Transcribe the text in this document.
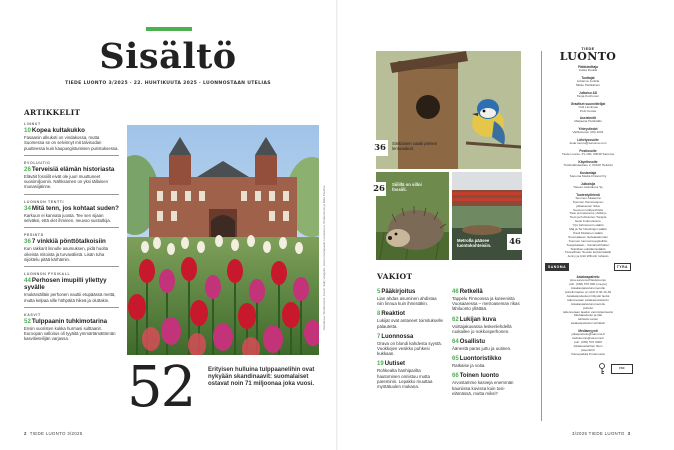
Sisältö
TIEDE LUONTO 3/2025 · 22. HUHTIKUUTA 2025 · LUONNOSTAAN UTELIAS
ARTIKKELIT
LINNUT
10Kopea kultakukko
Fasaanin alkukoti on vindakossa, mutta Suomessa se on selvinnyt mit talvisodan puutteessa kuin kaupungistumisen puristuksessa.
EVOLUUTIO
26Terveisiä elämän historiasta
Eläväit fossiilit eivät ole juuri muuttuneet vuosimiljoonin. Nähksamen on yksi tällainen munasiijäinne.
LUONNON TENTTI
34Mitä tenn, jos kohtaat suden?
Karkuun ei kannata juosta. Tee sen sijaan selväksi, että olet ihminen, neuvoo susitutkija.
PESINTÄ
367 vinkkiä pönttötalkoisiin
Kun rakkarit linnulle asumuksen, pidä huolta oikeista mitoista ja turvavälistä. Lisän tuha sijoittelu pitää kärhämin.
LUONNON FYSIKALL
44Perhosen imupilli yllettyy syvälle
Imukärsälläin perhonen nauttii etupäässä mettä, mutta kelpaa sille höhpäitä hikeä ja oluttakin.
KASVIT
52Tulppaanin tuhkimotarina
Ensin vuoristen kukka hurmasi sulttaanit. Euroopan valloitus oli tyyäitä ymmärtämättömän kasvitieteilijän varjassa.
52 Erityisen hulluina tulppaanelihin ovat nykyään skandinaavit: suomalaiset ostavat noin 71 miljoonaa joka vuosi.
Kansikuva: Shutterstock. Kuvat: Sally Vasgabe, Hannu Kanjasaaki Luontokuva, Shutterstock ja Miila Pavliina
2 TIEDE LUONTO 3/2025
36	Sinitiainen vaatii pienen lentoaukon.
26 Siilillä on silloi fossiili.
Metrolla pääsee luontokohteisiin.	46
VAKIOT
5Pääkirjoitus
Lian ahdas asuminen ahdistaa niin linnua kuin ihmistäkin.
8Reaktiot
Lukijat ovat antaneet toimitukselle palautetta.
7Luonnossa
Orava on blondi kahdesta syystä. Vuokkojen vesikko puhkesi kukkaan.
19Uutiset
Rohkealta hanhiparilta hautominen onnistuu mutta pareminin. Lepakko muuttaa myötätuulen mukana.
46Retkellä
Tappelu Finnoossa ja kuteenista Vuosaaressa – metroaseman rikas lähiluonto yllättää.
62Lukijan kuva
Voittajakuvassa leskenlehdellä ruokailee jo nokkosperhonen.
64Osallistu
Äänestä paras juttu ja uutinen.
65Luontoristikko
Ratkaise ja voita.
66Toinen luonto
Arvostamme kasveja enemmän kauniissa kuvissa kuin tosi-elämässä, mutta miksi?
TIEDE
LUONTO
Päätoimittaja
Jukka Ruukki
Tuottajat
Johanna Junttila
Mikko Pietikäinen
Julkaisu AD
Tanja Kochonen
Graafiset suunnittelijat
Outi Linnimaa
Petri Ketola
Assistentti
Marjaana Hottinäkki
Yhteystiedot
Vaihtokuvat: (09) 4201
Lähetysosoite
tiede.luonto@sanoma.com
Postiosoite
Tiede Luonto, PL 100, 00040 Sanoma
Käyntiosoite
Töölönlahdenkatu 2, 00100 Helsinki
Kustantaja
Sanoma Media Finland Oy
Julkaisija
Tieteen kedotkeus Sy
Tuotestyöhtenä
Suomen Akatemia
Suomen Hammasjoen
julkaisevien Silva
Suomen tutkijuurhistä
Tieto ja kustannus yhdistys
Tieto ja Kulttuurien Terapia
Eesti Kultuuriesine
Yrjö Jahnssonin säätiö
Maj ja Tor Nesslingin säätiö
Pauli Moilanen säätiö
Suomalaisen tiedeakatemian
Suomen luonnonsuojeluliitto
Suojelukalan - Canarischhallen
Tekniikan edistämissäätiö
Tieteellisten Seuran kultuurisäätiö
Jenny ja Antti Wihurin rahasto
SANOMA	TYRA
Asiakaspalvelu
pina.sanoma.fi/tiedeluonto
puh. (030) 570 900 (ma-pe)
Asiakaspalvelunumerolle
puhelinmaksu on tiivih 8.30-16.30
Asiakaspalveluun liittyvät tiedot
tallennetaan asiakasrekisteriin
Asiakaspalvelunumerolle
puhelut
tallennetaan laadun varmistamiseksi
Mediapalvelut ja tilat
tehtäviä varten
asiakaspalvelun tehtäviin
Mediamyynti
ytilaspalvelu@sanoma.fi
tiedeluonto@sanoma.fi
puh. (030) 570 3000
Aikakauslehtien liiton
jäsenlehti
Painopaikka Punamusta
FSC
3/2025 TIEDE LUONTO 3
